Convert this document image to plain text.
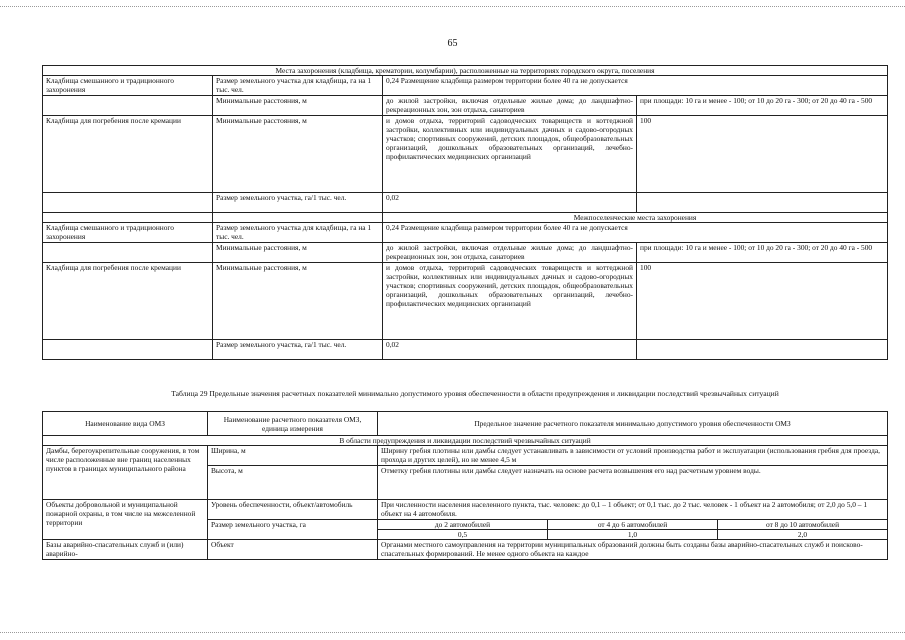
65
Места захоронения (кладбища, крематории, колумбарии), расположенные на территориях городского округа, поселения			
Кладбища смешанного и традиционного захоронения	Размер земельного участка для кладбища, га на 1 тыс. чел.	0,24 Размещение кладбища размером территории более 40 га не допускается	
	Минимальные расстояния, м	до жилой застройки, включая отдельные жилые дома; до ландшафтно-рекреационных зон, зон отдыха, санаториев	при площади: 10 га и менее - 100; от 10 до 20 га - 300; от 20 до 40 га - 500
Кладбища для погребения после кремации	Минимальные расстояния, м	и домов отдыха, территорий садоводческих товариществ и коттеджной застройки, коллективных или индивидуальных дачных и садово-огородных участков; спортивных сооружений, детских площадок, общеобразовательных организаций, дошкольных образовательных организаций, лечебно-профилактических медицинских организаций	100
	Размер земельного участка, га/1 тыс. чел.	0,02	
		Межпоселенческие места захоронения	
Кладбища смешанного и традиционного захоронения	Размер земельного участка для кладбища, га на 1 тыс. чел.	0,24 Размещение кладбища размером территории более 40 га не допускается	
	Минимальные расстояния, м	до жилой застройки, включая отдельные жилые дома; до ландшафтно-рекреационных зон, зон отдыха, санаториев	при площади: 10 га и менее - 100; от 10 до 20 га - 300; от 20 до 40 га - 500
Кладбища для погребения после кремации	Минимальные расстояния, м	и домов отдыха, территорий садоводческих товариществ и коттеджной застройки, коллективных или индивидуальных дачных и садово-огородных участков; спортивных сооружений, детских площадок, общеобразовательных организаций, дошкольных образовательных организаций, лечебно-профилактических медицинских организаций	100
	Размер земельного участка, га/1 тыс. чел.	0,02	
Таблица 29 Предельные значения расчетных показателей минимально допустимого уровня обеспеченности в области предупреждения и ликвидации последствий чрезвычайных ситуаций
Наименование вида ОМЗ	Наименование расчетного показателя ОМЗ, единица измерения	Предельное значение расчетного показателя минимально допустимого уровня обеспеченности ОМЗ		
В области предупреждения и ликвидации последствий чрезвычайных ситуаций				
Дамбы, берегоукрепительные сооружения, в том числе расположенные вне границ населенных пунктов в границах муниципального района	Ширина, м	Ширину гребня плотины или дамбы следует устанавливать в зависимости от условий производства работ и эксплуатации (использования гребня для проезда, прохода и других целей), но не менее 4,5 м		
	Высота, м	Отметку гребня плотины или дамбы следует назначать на основе расчета возвышения его над расчетным уровнем воды.		
Объекты добровольной и муниципальной пожарной охраны, в том числе на межселенной территории	Уровень обеспеченности, объект/автомобиль	При численности населения населенного пункта, тыс. человек: до 0,1 – 1 объект; от 0,1 тыс. до 2 тыс. человек - 1 объект на 2 автомобиля; от 2,0 до 5,0 – 1 объект на 4 автомобиля.		
	Размер земельного участка, га	до 2 автомобилей	от 4 до 6 автомобилей	от 8 до 10 автомобилей
		0,5	1,0	2,0
Базы аварийно-спасательных служб и (или) аварийно-	Объект	Органами местного самоуправления на территории муниципальных образований должны быть созданы базы аварийно-спасательных служб и поисково-спасательных формирований. Не менее одного объекта на каждое		
